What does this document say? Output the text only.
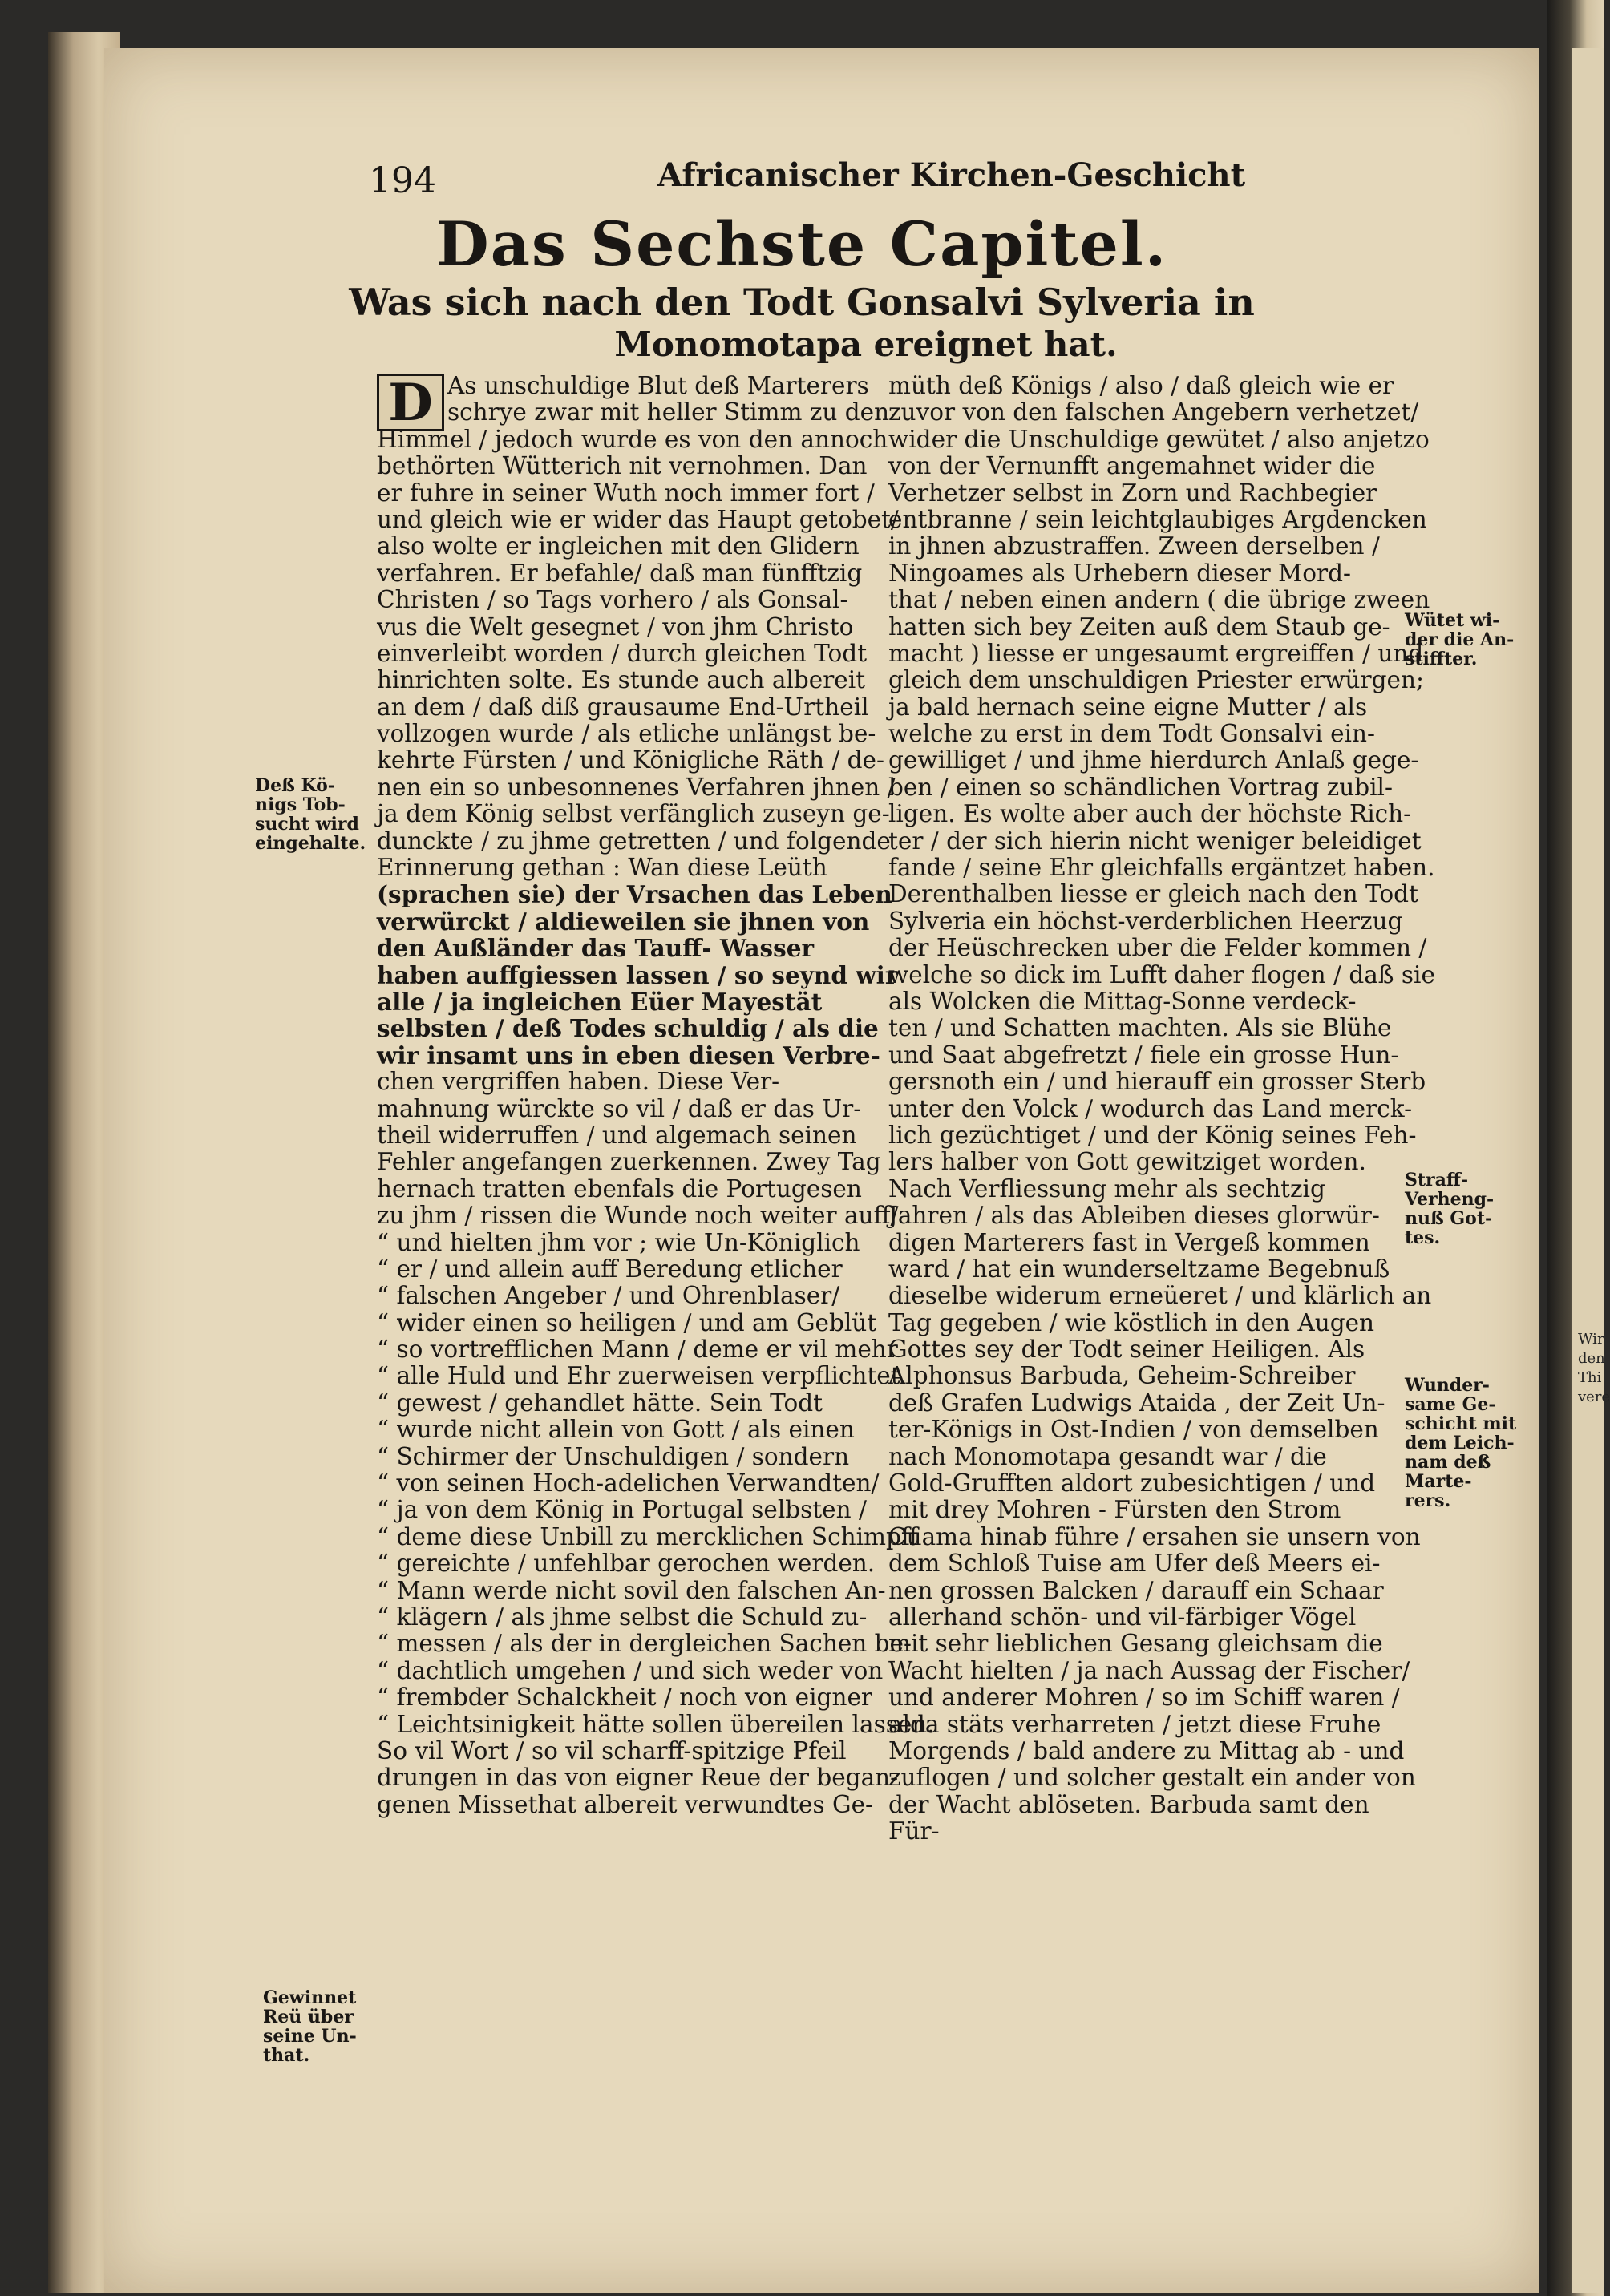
Wir
den
Thi
vere
194	Africanischer Kirchen-Geschicht
Das Sechste Capitel.
Was sich nach den Todt Gonsalvi Sylveria in
Monomotapa ereignet hat.
D As unschuldige Blut deß Marterers
schrye zwar mit heller Stimm zu den
Himmel / jedoch wurde es von den annoch
bethörten Wütterich nit vernohmen. Dan
er fuhre in seiner Wuth noch immer fort /
und gleich wie er wider das Haupt getobet/
also wolte er ingleichen mit den Glidern
verfahren. Er befahle/ daß man fünfftzig
Christen / so Tags vorhero / als Gonsal-
vus die Welt gesegnet / von jhm Christo
einverleibt worden / durch gleichen Todt
hinrichten solte. Es stunde auch albereit
an dem / daß diß grausaume End-Urtheil
vollzogen wurde / als etliche unlängst be-
kehrte Fürsten / und Königliche Räth / de-
nen ein so unbesonnenes Verfahren jhnen /
ja dem König selbst verfänglich zuseyn ge-
dunckte / zu jhme getretten / und folgende
Erinnerung gethan : Wan diese Leüth
(sprachen sie) der Vrsachen das Leben
verwürckt / aldieweilen sie jhnen von
den Außländer das Tauff- Wasser
haben auffgiessen lassen / so seynd wir
alle / ja ingleichen Eüer Mayestät
selbsten / deß Todes schuldig / als die
wir insamt uns in eben diesen Verbre-
chen vergriffen haben. Diese Ver-
mahnung würckte so vil / daß er das Ur-
theil widerruffen / und algemach seinen
Fehler angefangen zuerkennen. Zwey Tag
hernach tratten ebenfals die Portugesen
zu jhm / rissen die Wunde noch weiter auff/
“ und hielten jhm vor ; wie Un-Königlich
“ er / und allein auff Beredung etlicher
“ falschen Angeber / und Ohrenblaser/
“ wider einen so heiligen / und am Geblüt
“ so vortrefflichen Mann / deme er vil mehr
“ alle Huld und Ehr zuerweisen verpflichtet
“ gewest / gehandlet hätte. Sein Todt
“ wurde nicht allein von Gott / als einen
“ Schirmer der Unschuldigen / sondern
“ von seinen Hoch-adelichen Verwandten/
“ ja von dem König in Portugal selbsten /
“ deme diese Unbill zu mercklichen Schimpff
“ gereichte / unfehlbar gerochen werden.
“ Mann werde nicht sovil den falschen An-
“ klägern / als jhme selbst die Schuld zu-
“ messen / als der in dergleichen Sachen be-
“ dachtlich umgehen / und sich weder von
“ frembder Schalckheit / noch von eigner
“ Leichtsinigkeit hätte sollen übereilen lassen.
So vil Wort / so vil scharff-spitzige Pfeil
drungen in das von eigner Reue der began-
genen Missethat albereit verwundtes Ge-
müth deß Königs / also / daß gleich wie er
zuvor von den falschen Angebern verhetzet/
wider die Unschuldige gewütet / also anjetzo
von der Vernunfft angemahnet wider die
Verhetzer selbst in Zorn und Rachbegier
entbranne / sein leichtglaubiges Argdencken
in jhnen abzustraffen. Zween derselben /
Ningoames als Urhebern dieser Mord-
that / neben einen andern ( die übrige zween
hatten sich bey Zeiten auß dem Staub ge-
macht ) liesse er ungesaumt ergreiffen / und
gleich dem unschuldigen Priester erwürgen;
ja bald hernach seine eigne Mutter / als
welche zu erst in dem Todt Gonsalvi ein-
gewilliget / und jhme hierdurch Anlaß gege-
ben / einen so schändlichen Vortrag zubil-
ligen. Es wolte aber auch der höchste Rich-
ter / der sich hierin nicht weniger beleidiget
fande / seine Ehr gleichfalls ergäntzet haben.
Derenthalben liesse er gleich nach den Todt
Sylveria ein höchst-verderblichen Heerzug
der Heüschrecken uber die Felder kommen /
welche so dick im Lufft daher flogen / daß sie
als Wolcken die Mittag-Sonne verdeck-
ten / und Schatten machten. Als sie Blühe
und Saat abgefretzt / fiele ein grosse Hun-
gersnoth ein / und hierauff ein grosser Sterb
unter den Volck / wodurch das Land merck-
lich gezüchtiget / und der König seines Feh-
lers halber von Gott gewitziget worden.
Nach Verfliessung mehr als sechtzig
Jahren / als das Ableiben dieses glorwür-
digen Marterers fast in Vergeß kommen
ward / hat ein wunderseltzame Begebnuß
dieselbe widerum erneüeret / und klärlich an
Tag gegeben / wie köstlich in den Augen
Gottes sey der Todt seiner Heiligen. Als
Alphonsus Barbuda, Geheim-Schreiber
deß Grafen Ludwigs Ataida , der Zeit Un-
ter-Königs in Ost-Indien / von demselben
nach Monomotapa gesandt war / die
Gold-Grufften aldort zubesichtigen / und
mit drey Mohren - Fürsten den Strom
Cuama hinab führe / ersahen sie unsern von
dem Schloß Tuise am Ufer deß Meers ei-
nen grossen Balcken / darauff ein Schaar
allerhand schön- und vil-färbiger Vögel
mit sehr lieblichen Gesang gleichsam die
Wacht hielten / ja nach Aussag der Fischer/
und anderer Mohren / so im Schiff waren /
alda stäts verharreten / jetzt diese Fruhe
Morgends / bald andere zu Mittag ab - und
zuflogen / und solcher gestalt ein ander von
der Wacht ablöseten. Barbuda samt den
Für-
Deß Kö-
nigs Tob-
sucht wird
eingehalte.
Gewinnet
Reü über
seine Un-
that.
Wütet wi-
der die An-
stiffter.
Straff-
Verheng-
nuß Got-
tes.
Wunder-
same Ge-
schicht mit
dem Leich-
nam deß
Marte-
rers.
